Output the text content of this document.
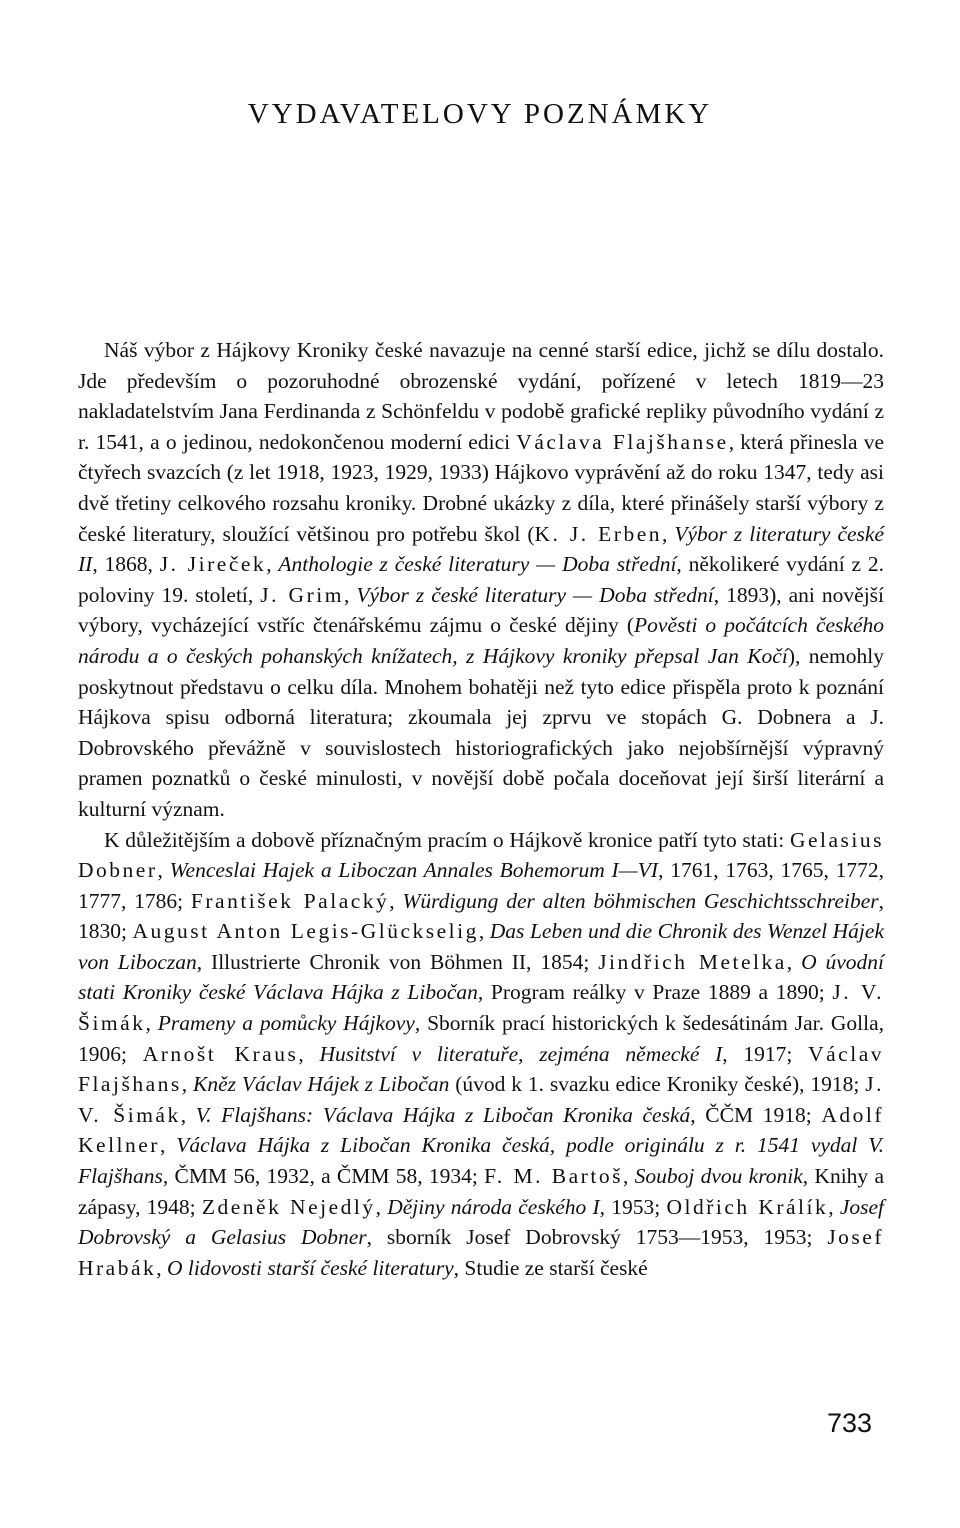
VYDAVATELOVY POZNÁMKY

Náš výbor z Hájkovy Kroniky české navazuje na cenné starší edice, jichž se dílu dostalo. Jde především o pozoruhodné obrozenské vydání, pořízené v letech 1819—23 nakladatelstvím Jana Ferdinanda z Schönfeldu v podobě grafické repliky původního vydání z r. 1541, a o jedinou, nedokončenou moderní edici Václava Flajšhanse, která přinesla ve čtyřech svazcích (z let 1918, 1923, 1929, 1933) Hájkovo vyprávění až do roku 1347, tedy asi dvě třetiny celkového rozsahu kroniky. Drobné ukázky z díla, které přinášely starší výbory z české literatury, sloužící většinou pro potřebu škol (K. J. Erben, Výbor z literatury české II, 1868, J. Jireček, Anthologie z české literatury — Doba střední, několikeré vydání z 2. poloviny 19. století, J. Grim, Výbor z české literatury — Doba střední, 1893), ani novější výbory, vycházející vstříc čtenářskému zájmu o české dějiny (Pověsti o počátcích českého národu a o českých pohanských knížatech, z Hájkovy kroniky přepsal Jan Kočí), nemohly poskytnout představu o celku díla. Mnohem bohatěji než tyto edice přispěla proto k poznání Hájkova spisu odborná literatura; zkoumala jej zprvu ve stopách G. Dobnera a J. Dobrovského převážně v souvislostech historiografických jako nejobšírnější výpravný pramen poznatků o české minulosti, v novější době počala doceňovat její širší literární a kulturní význam.

K důležitějším a dobově příznačným pracím o Hájkově kronice patří tyto stati: Gelasius Dobner, Wenceslai Hajek a Liboczan Annales Bohemorum I—VI, 1761, 1763, 1765, 1772, 1777, 1786; František Palacký, Würdigung der alten böhmischen Geschichtsschreiber, 1830; August Anton Legis-Glückselig, Das Leben und die Chronik des Wenzel Hájek von Liboczan, Illustrierte Chronik von Böhmen II, 1854; Jindřich Metelka, O úvodní stati Kroniky české Václava Hájka z Libočan, Program reálky v Praze 1889 a 1890; J. V. Šimák, Prameny a pomůcky Hájkovy, Sborník prací historických k šedesátinám Jar. Golla, 1906; Arnošt Kraus, Husitství v literatuře, zejména německé I, 1917; Václav Flajšhans, Kněz Václav Hájek z Libočan (úvod k 1. svazku edice Kroniky české), 1918; J. V. Šimák, V. Flajšhans: Václava Hájka z Libočan Kronika česká, ČČM 1918; Adolf Kellner, Václava Hájka z Libočan Kronika česká, podle originálu z r. 1541 vydal V. Flajšhans, ČMM 56, 1932, a ČMM 58, 1934; F. M. Bartoš, Souboj dvou kronik, Knihy a zápasy, 1948; Zdeněk Nejedlý, Dějiny národa českého I, 1953; Oldřich Králík, Josef Dobrovský a Gelasius Dobner, sborník Josef Dobrovský 1753—1953, 1953; Josef Hrabák, O lidovosti starší české literatury, Studie ze starší české

733
